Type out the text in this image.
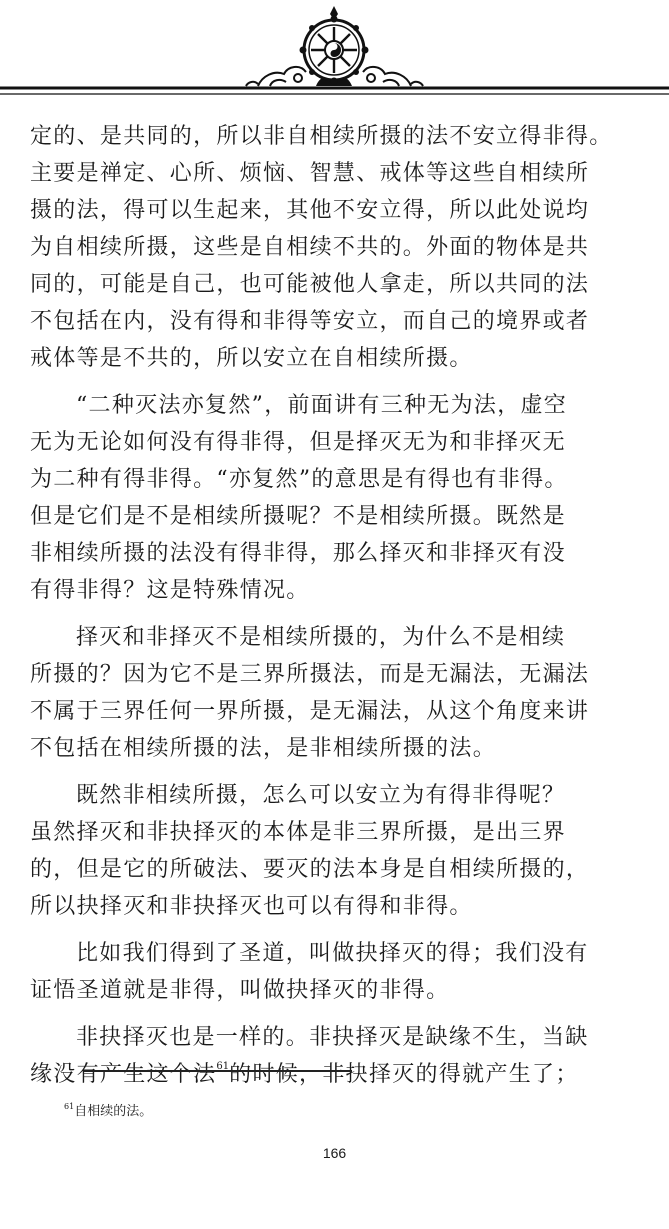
定的、是共同的，所以非自相续所摄的法不安立得非得。
主要是禅定、心所、烦恼、智慧、戒体等这些自相续所
摄的法，得可以生起来，其他不安立得，所以此处说均
为自相续所摄，这些是自相续不共的。外面的物体是共
同的，可能是自己，也可能被他人拿走，所以共同的法
不包括在内，没有得和非得等安立，而自己的境界或者
戒体等是不共的，所以安立在自相续所摄。
“二种灭法亦复然”，前面讲有三种无为法，虚空
无为无论如何没有得非得，但是择灭无为和非择灭无
为二种有得非得。“亦复然”的意思是有得也有非得。
但是它们是不是相续所摄呢？不是相续所摄。既然是
非相续所摄的法没有得非得，那么择灭和非择灭有没
有得非得？这是特殊情况。
择灭和非择灭不是相续所摄的，为什么不是相续
所摄的？因为它不是三界所摄法，而是无漏法，无漏法
不属于三界任何一界所摄，是无漏法，从这个角度来讲
不包括在相续所摄的法，是非相续所摄的法。
既然非相续所摄，怎么可以安立为有得非得呢？
虽然择灭和非抉择灭的本体是非三界所摄，是出三界
的，但是它的所破法、要灭的法本身是自相续所摄的，
所以抉择灭和非抉择灭也可以有得和非得。
比如我们得到了圣道，叫做抉择灭的得；我们没有
证悟圣道就是非得，叫做抉择灭的非得。
非抉择灭也是一样的。非抉择灭是缺缘不生，当缺
缘没有产生这个法$^{61}$的时候，非抉择灭的得就产生了；
$^{61}$自相续的法。
166
